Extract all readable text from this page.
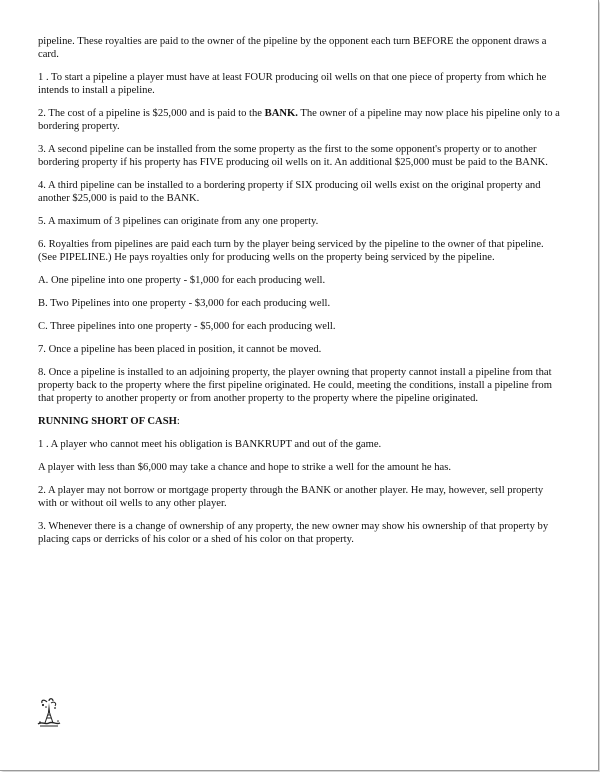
pipeline. These royalties are paid to the owner of the pipeline by the opponent each turn BEFORE the opponent draws a card.

1 . To start a pipeline a player must have at least FOUR producing oil wells on that one piece of property from which he intends to install a pipeline.

2. The cost of a pipeline is $25,000 and is paid to the BANK. The owner of a pipeline may now place his pipeline only to a bordering property.

3. A second pipeline can be installed from the some property as the first to the some opponent's property or to another bordering property if his property has FIVE producing oil wells on it. An additional $25,000 must be paid to the BANK.

4. A third pipeline can be installed to a bordering property if SIX producing oil wells exist on the original property and another $25,000 is paid to the BANK.

5. A maximum of 3 pipelines can originate from any one property.

6. Royalties from pipelines are paid each turn by the player being serviced by the pipeline to the owner of that pipeline. (See PIPELINE.) He pays royalties only for producing wells on the property being serviced by the pipeline.

A. One pipeline into one property - $1,000 for each producing well.

B. Two Pipelines into one property - $3,000 for each producing well.

C. Three pipelines into one property - $5,000 for each producing well.

7. Once a pipeline has been placed in position, it cannot be moved.

8. Once a pipeline is installed to an adjoining property, the player owning that property cannot install a pipeline from that property back to the property where the first pipeline originated. He could, meeting the conditions, install a pipeline from that property to another property or from another property to the property where the pipeline originated.

RUNNING SHORT OF CASH:

1 . A player who cannot meet his obligation is BANKRUPT and out of the game.

A player with less than $6,000 may take a chance and hope to strike a well for the amount he has.

2. A player may not borrow or mortgage property through the BANK or another player. He may, however, sell property with or without oil wells to any other player.

3. Whenever there is a change of ownership of any property, the new owner may show his ownership of that property by placing caps or derricks of his color or a shed of his color on that property.
